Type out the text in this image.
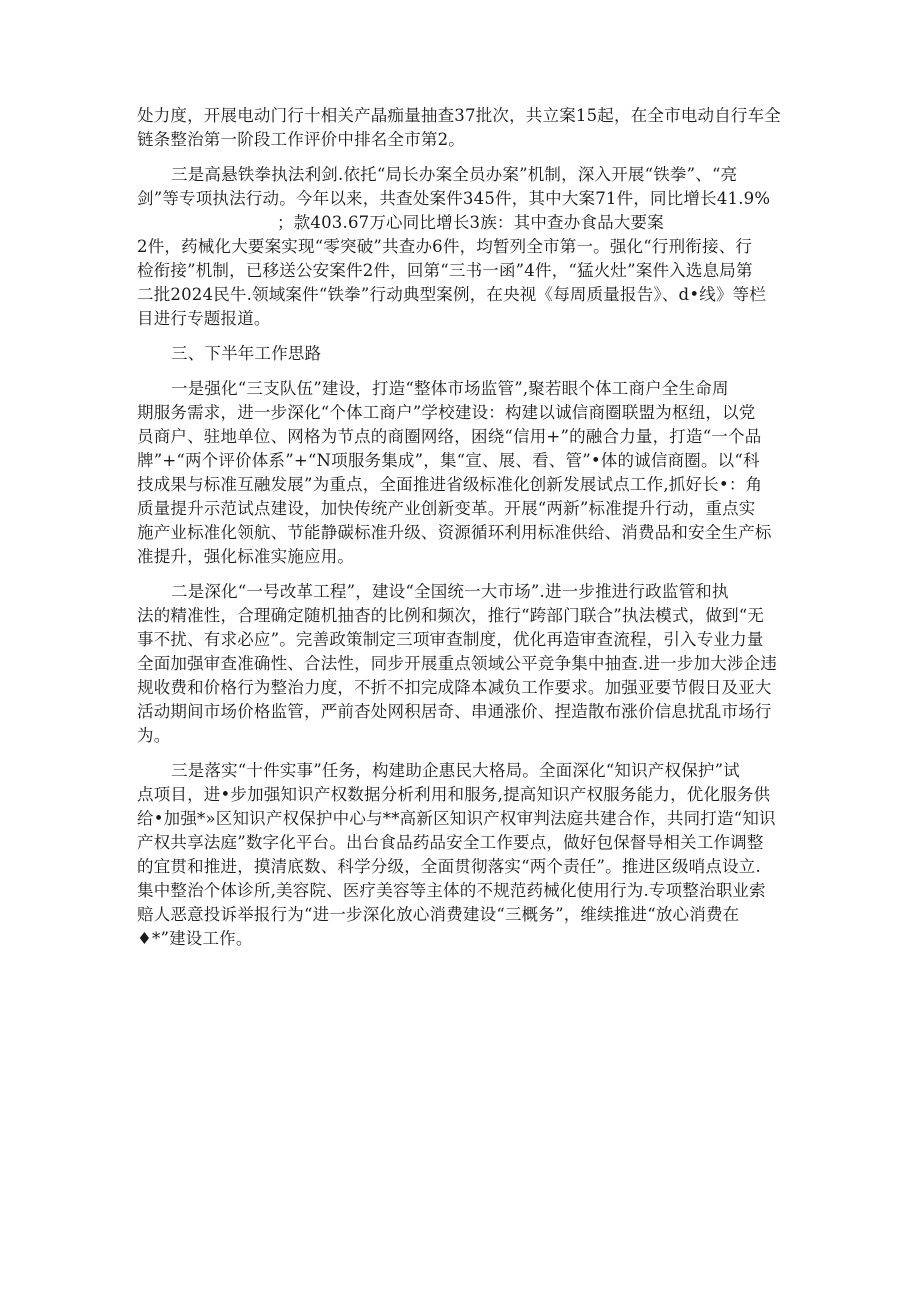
处力度，开展电动门行十相关产晶痂量抽查37批次，共立案15起，在全市电动自行车全
链条整治第一阶段工作评价中排名全市第2。
三是高悬铁拳执法利剑.依托“局长办案全员办案”机制，深入开展“铁拳”、“亮
剑”等专项执法行动。今年以来，共查处案件345件，其中大案71件，同比增长41.9%
；款403.67万心同比增长3族：其中查办食品大要案
2件，药械化大要案实现“零突破”共查办6件，均暂列全市第一。强化“行刑衔接、行
检衔接”机制，已移送公安案件2件，回第“三书一函”4件，“猛火灶”案件入选息局第
二批2024民牛.领域案件“铁拳”行动典型案例，在央视《每周质量报告》、d•线》等栏
目进行专题报道。
三、下半年工作思路
一是强化“三支队伍”建设，打造“整体市场监管”,聚若眼个体工商户全生命周
期服务需求，进一步深化“个体工商户”学校建设：构建以诚信商圈联盟为枢纽，以党
员商户、驻地单位、网格为节点的商圈网络，困绕“信用+”的融合力量，打造“一个品
牌”+“两个评价体系”+“N项服务集成”，集“宣、展、看、管”•体的诚信商圈。以“科
技成果与标准互融发展”为重点，全面推进省级标准化创新发展试点工作,抓好长•：角
质量提升示范试点建设，加快传统产业创新变革。开展“两新”标准提升行动，重点实
施产业标准化领航、节能静碳标准升级、资源循环利用标准供给、消费品和安全生产标
准提升，强化标准实施应用。
二是深化“一号改革工程”，建设“全国统一大市场”.进一步推进行政监管和执
法的精准性，合理确定随机抽杳的比例和频次，推行“跨部门联合”执法模式，做到“无
事不扰、有求必应”。完善政策制定三项审查制度，优化再造审查流程，引入专业力量
全面加强审查准确性、合法性，同步开展重点领域公平竞争集中抽查.进一步加大涉企违
规收费和价格行为整治力度，不折不扣完成降本减负工作要求。加强亚要节假日及亚大
活动期间市场价格监管，严前杳处网积居奇、串通涨价、捏造散布涨价信息扰乱市场行
为。
三是落实“十件实事”任务，构建助企惠民大格局。全面深化“知识产权保护”试
点项目，进•步加强知识产权数据分析利用和服务,提高知识产权服务能力，优化服务供
给•加强*»区知识产权保护中心与**高新区知识产权审判法庭共建合作，共同打造“知识
产权共享法庭”数字化平台。出台食品药品安全工作要点，做好包保督导相关工作调整
的宜贯和推进，摸清底数、科学分级，全面贯彻落实“两个责任”。推进区级哨点设立.
集中整治个体诊所,美容院、医疗美容等主体的不规范药械化使用行为.专项整治职业索
赔人恶意投诉举报行为“进一步深化放心消费建设“三概务”，维续推进“放心消费在
♦*”建设工作。
